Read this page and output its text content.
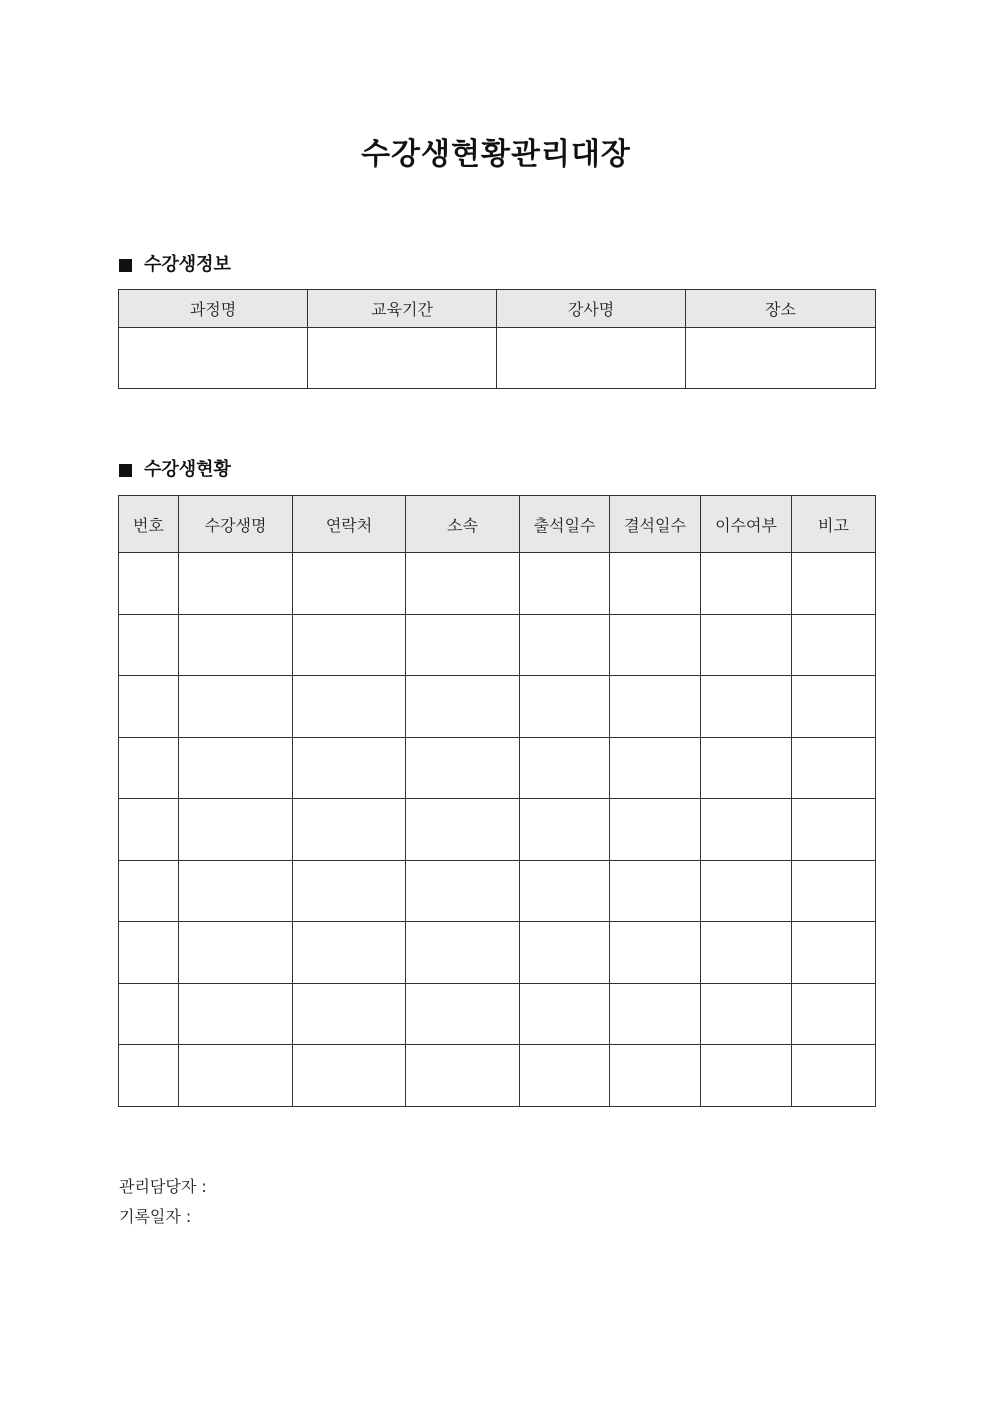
수강생현황관리대장
수강생정보
과정명	교육기간	강사명	장소

수강생현황
번호	수강생명	연락처	소속	출석일수	결석일수	이수여부	비고

관리담당자 :
기록일자 :
